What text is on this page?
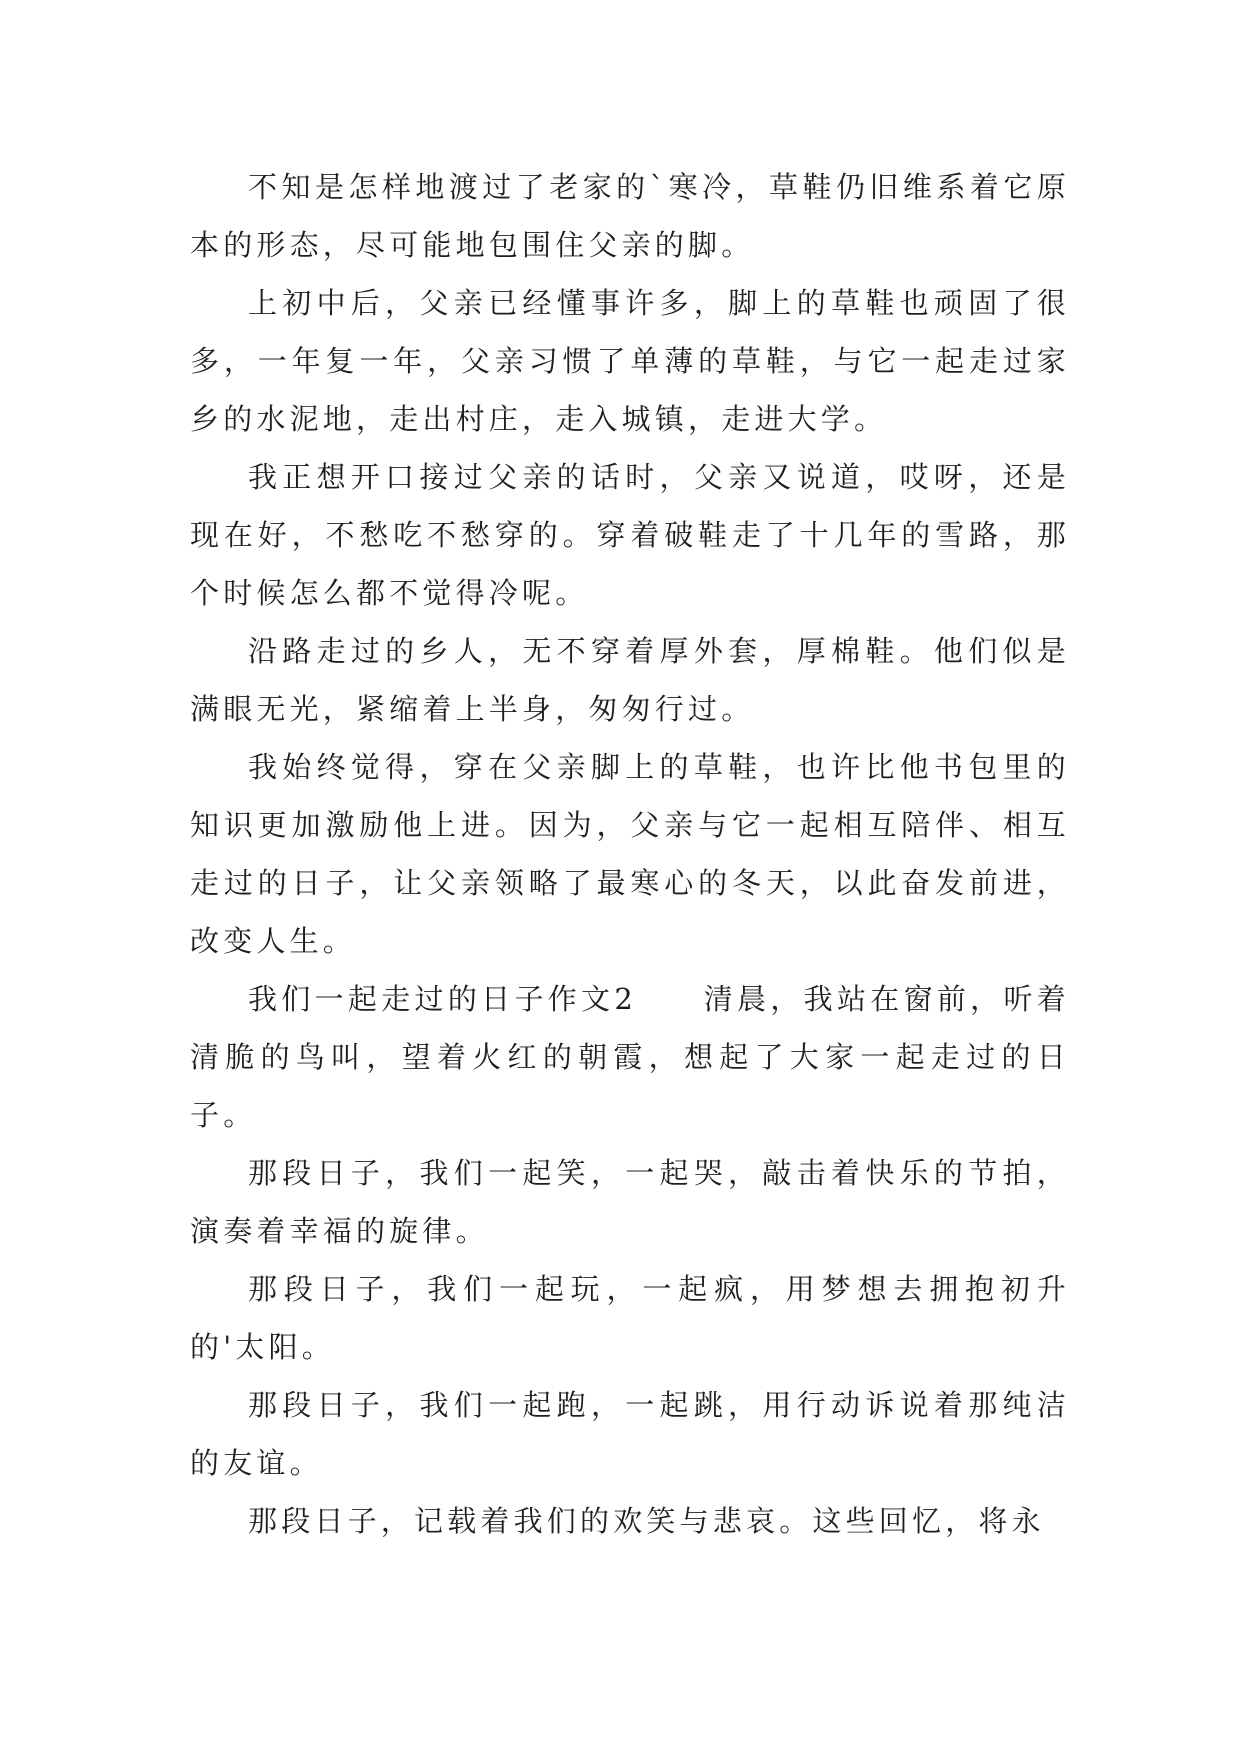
不知是怎样地渡过了老家的`寒冷，草鞋仍旧维系着它原本的形态，尽可能地包围住父亲的脚。

上初中后，父亲已经懂事许多，脚上的草鞋也顽固了很多，一年复一年，父亲习惯了单薄的草鞋，与它一起走过家乡的水泥地，走出村庄，走入城镇，走进大学。

我正想开口接过父亲的话时，父亲又说道，哎呀，还是现在好，不愁吃不愁穿的。穿着破鞋走了十几年的雪路，那个时候怎么都不觉得冷呢。

沿路走过的乡人，无不穿着厚外套，厚棉鞋。他们似是满眼无光，紧缩着上半身，匆匆行过。

我始终觉得，穿在父亲脚上的草鞋，也许比他书包里的知识更加激励他上进。因为，父亲与它一起相互陪伴、相互走过的日子，让父亲领略了最寒心的冬天，以此奋发前进，改变人生。

我们一起走过的日子作文2　　清晨，我站在窗前，听着清脆的鸟叫，望着火红的朝霞，想起了大家一起走过的日子。

那段日子，我们一起笑，一起哭，敲击着快乐的节拍，演奏着幸福的旋律。

那段日子，我们一起玩，一起疯，用梦想去拥抱初升的'太阳。

那段日子，我们一起跑，一起跳，用行动诉说着那纯洁的友谊。

那段日子，记载着我们的欢笑与悲哀。这些回忆，将永
